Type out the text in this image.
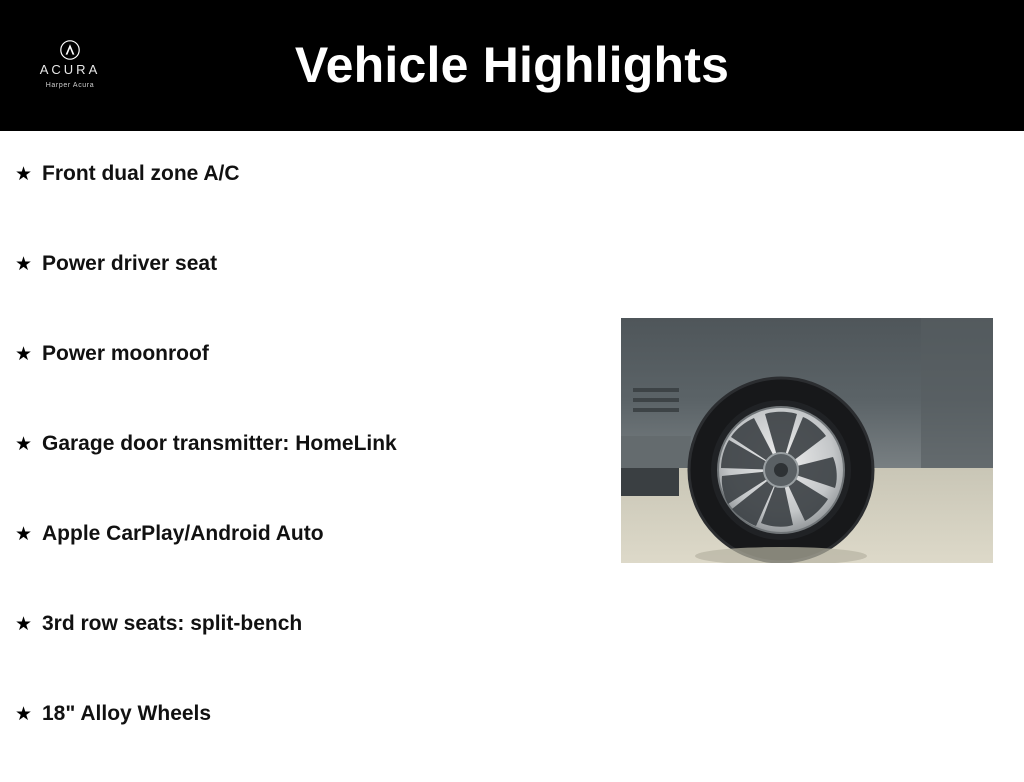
ACURA
Harper Acura	Vehicle Highlights
★ Front dual zone A/C
★ Power driver seat
★ Power moonroof
★ Garage door transmitter: HomeLink
★ Apple CarPlay/Android Auto
★ 3rd row seats: split-bench
★ 18" Alloy Wheels
